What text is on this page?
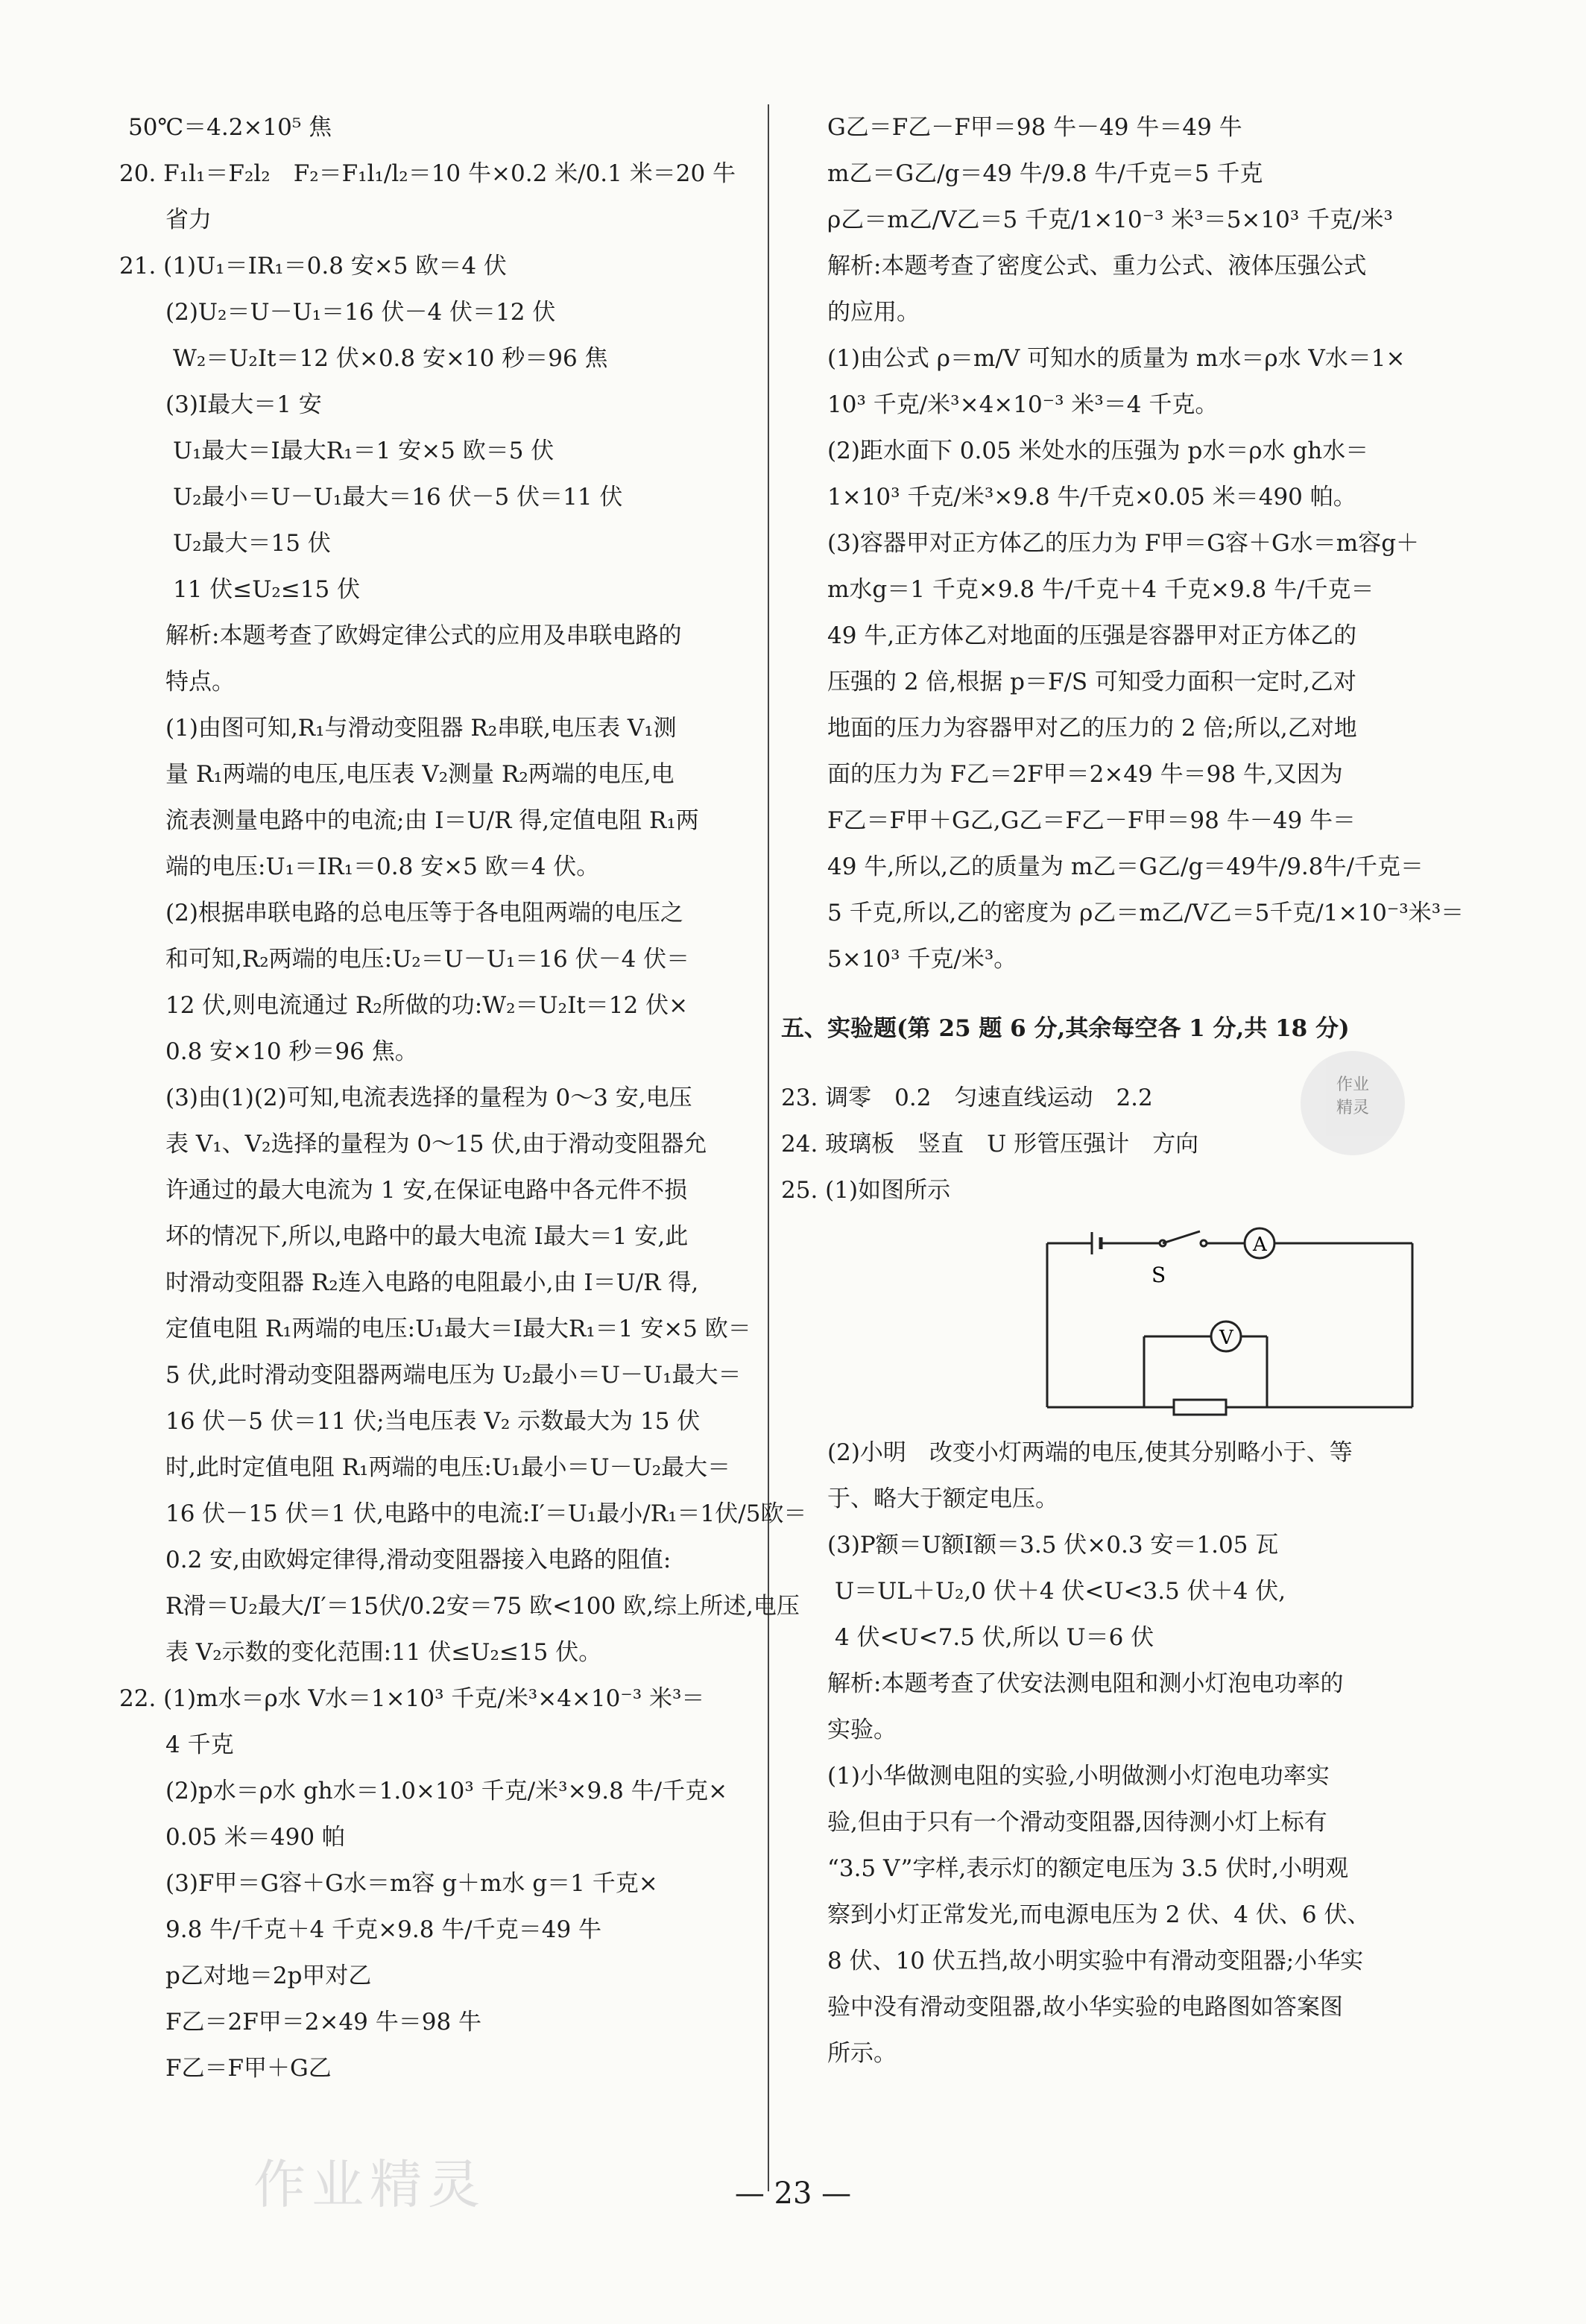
50℃＝4.2×10⁵ 焦

20. F₁l₁＝F₂l₂　F₂＝F₁l₁/l₂＝10 牛×0.2 米/0.1 米＝20 牛

省力

21. (1)U₁＝IR₁＝0.8 安×5 欧＝4 伏

(2)U₂＝U－U₁＝16 伏－4 伏＝12 伏

W₂＝U₂It＝12 伏×0.8 安×10 秒＝96 焦

(3)I最大＝1 安

U₁最大＝I最大R₁＝1 安×5 欧＝5 伏

U₂最小＝U－U₁最大＝16 伏－5 伏＝11 伏

U₂最大＝15 伏

11 伏≤U₂≤15 伏

解析:本题考查了欧姆定律公式的应用及串联电路的

特点。

(1)由图可知,R₁与滑动变阻器 R₂串联,电压表 V₁测

量 R₁两端的电压,电压表 V₂测量 R₂两端的电压,电

流表测量电路中的电流;由 I＝U/R 得,定值电阻 R₁两

端的电压:U₁＝IR₁＝0.8 安×5 欧＝4 伏。

(2)根据串联电路的总电压等于各电阻两端的电压之

和可知,R₂两端的电压:U₂＝U－U₁＝16 伏－4 伏＝

12 伏,则电流通过 R₂所做的功:W₂＝U₂It＝12 伏×

0.8 安×10 秒＝96 焦。

(3)由(1)(2)可知,电流表选择的量程为 0～3 安,电压

表 V₁、V₂选择的量程为 0～15 伏,由于滑动变阻器允

许通过的最大电流为 1 安,在保证电路中各元件不损

坏的情况下,所以,电路中的最大电流 I最大＝1 安,此

时滑动变阻器 R₂连入电路的电阻最小,由 I＝U/R 得,

定值电阻 R₁两端的电压:U₁最大＝I最大R₁＝1 安×5 欧＝

5 伏,此时滑动变阻器两端电压为 U₂最小＝U－U₁最大＝

16 伏－5 伏＝11 伏;当电压表 V₂ 示数最大为 15 伏

时,此时定值电阻 R₁两端的电压:U₁最小＝U－U₂最大＝

16 伏－15 伏＝1 伏,电路中的电流:I′＝U₁最小/R₁＝1伏/5欧＝

0.2 安,由欧姆定律得,滑动变阻器接入电路的阻值:

R滑＝U₂最大/I′＝15伏/0.2安＝75 欧<100 欧,综上所述,电压

表 V₂示数的变化范围:11 伏≤U₂≤15 伏。

22. (1)m水＝ρ水 V水＝1×10³ 千克/米³×4×10⁻³ 米³＝

4 千克

(2)p水＝ρ水 gh水＝1.0×10³ 千克/米³×9.8 牛/千克×

0.05 米＝490 帕

(3)F甲＝G容＋G水＝m容 g＋m水 g＝1 千克×

9.8 牛/千克＋4 千克×9.8 牛/千克＝49 牛

p乙对地＝2p甲对乙

F乙＝2F甲＝2×49 牛＝98 牛

F乙＝F甲＋G乙

G乙＝F乙－F甲＝98 牛－49 牛＝49 牛

m乙＝G乙/g＝49 牛/9.8 牛/千克＝5 千克

ρ乙＝m乙/V乙＝5 千克/1×10⁻³ 米³＝5×10³ 千克/米³

解析:本题考查了密度公式、重力公式、液体压强公式

的应用。

(1)由公式 ρ＝m/V 可知水的质量为 m水＝ρ水 V水＝1×

10³ 千克/米³×4×10⁻³ 米³＝4 千克。

(2)距水面下 0.05 米处水的压强为 p水＝ρ水 gh水＝

1×10³ 千克/米³×9.8 牛/千克×0.05 米＝490 帕。

(3)容器甲对正方体乙的压力为 F甲＝G容＋G水＝m容g＋

m水g＝1 千克×9.8 牛/千克＋4 千克×9.8 牛/千克＝

49 牛,正方体乙对地面的压强是容器甲对正方体乙的

压强的 2 倍,根据 p＝F/S 可知受力面积一定时,乙对

地面的压力为容器甲对乙的压力的 2 倍;所以,乙对地

面的压力为 F乙＝2F甲＝2×49 牛＝98 牛,又因为

F乙＝F甲＋G乙,G乙＝F乙－F甲＝98 牛－49 牛＝

49 牛,所以,乙的质量为 m乙＝G乙/g＝49牛/9.8牛/千克＝

5 千克,所以,乙的密度为 ρ乙＝m乙/V乙＝5千克/1×10⁻³米³＝

5×10³ 千克/米³。

五、实验题(第 25 题 6 分,其余每空各 1 分,共 18 分)

23. 调零　0.2　匀速直线运动　2.2

24. 玻璃板　竖直　U 形管压强计　方向

25. (1)如图所示

S
A
V

(2)小明　改变小灯两端的电压,使其分别略小于、等

于、略大于额定电压。

(3)P额＝U额I额＝3.5 伏×0.3 安＝1.05 瓦

U＝UL＋U₂,0 伏＋4 伏<U<3.5 伏＋4 伏,

4 伏<U<7.5 伏,所以 U＝6 伏

解析:本题考查了伏安法测电阻和测小灯泡电功率的

实验。

(1)小华做测电阻的实验,小明做测小灯泡电功率实

验,但由于只有一个滑动变阻器,因待测小灯上标有

“3.5 V”字样,表示灯的额定电压为 3.5 伏时,小明观

察到小灯正常发光,而电源电压为 2 伏、4 伏、6 伏、

8 伏、10 伏五挡,故小明实验中有滑动变阻器;小华实

验中没有滑动变阻器,故小华实验的电路图如答案图

所示。

作业
精灵
作业精灵	— 23 —
